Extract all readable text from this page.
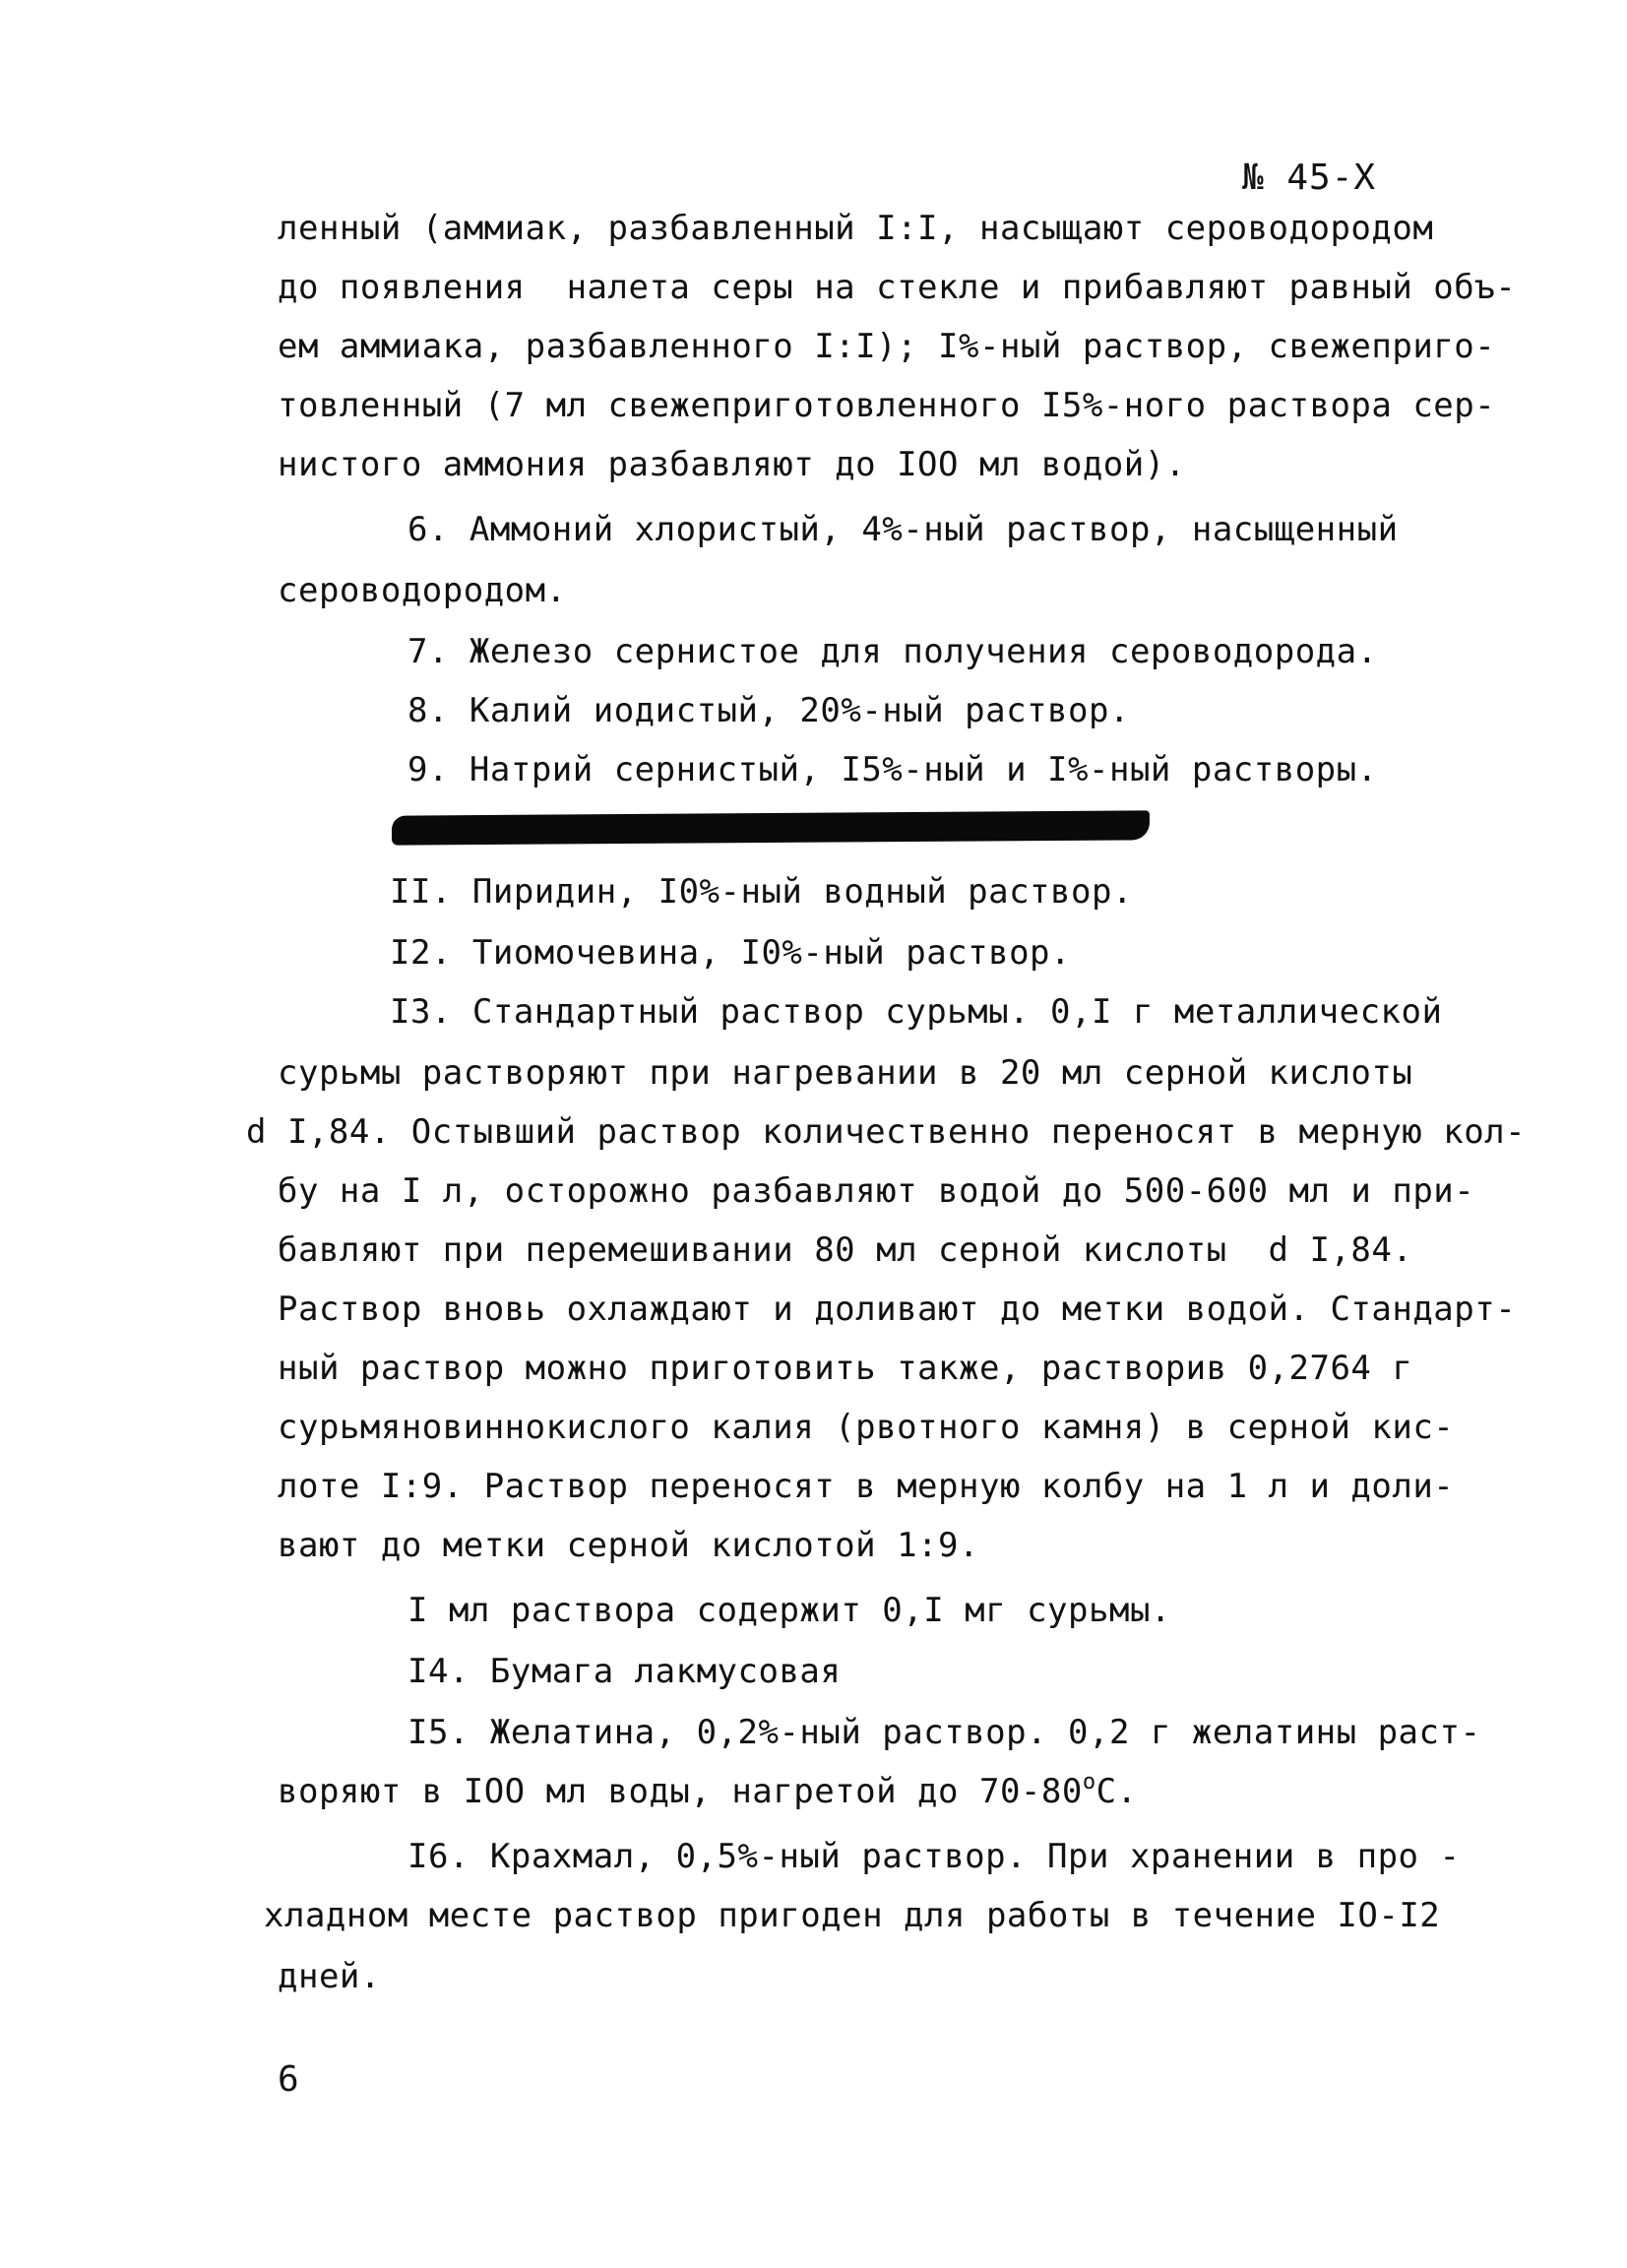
№ 45-X
ленный (аммиак, разбавленный I:I, насыщают сероводородом
до появления  налета серы на стекле и прибавляют равный объ-
ем аммиака, разбавленного I:I); I%-ный раствор, свежеприго-
товленный (7 мл свежеприготовленного I5%-ного раствора сер-
нистого аммония разбавляют до IOO мл водой).
6. Аммоний хлористый, 4%-ный раствор, насыщенный
сероводородом.
7. Железо сернистое для получения сероводорода.
8. Калий иодистый, 20%-ный раствор.
9. Натрий сернистый, I5%-ный и I%-ный растворы.
II. Пиридин, I0%-ный водный раствор.
I2. Тиомочевина, I0%-ный раствор.
I3. Стандартный раствор сурьмы. 0,I г металлической
сурьмы растворяют при нагревании в 20 мл серной кислоты
d I,84. Остывший раствор количественно переносят в мерную кол-
бу на I л, осторожно разбавляют водой до 500-600 мл и при-
бавляют при перемешивании 80 мл серной кислоты  d I,84.
Раствор вновь охлаждают и доливают до метки водой. Стандарт-
ный раствор можно приготовить также, растворив 0,2764 г
сурьмяновиннокислого калия (рвотного камня) в серной кис-
лоте I:9. Раствор переносят в мерную колбу на 1 л и доли-
вают до метки серной кислотой 1:9.
I мл раствора содержит 0,I мг сурьмы.
I4. Бумага лакмусовая
I5. Желатина, 0,2%-ный раствор. 0,2 г желатины раст-
воряют в IOO мл воды, нагретой до 70-80$^o$C.
I6. Крахмал, 0,5%-ный раствор. При хранении в про -
хладном месте раствор пригоден для работы в течение IO-I2
дней.
6
